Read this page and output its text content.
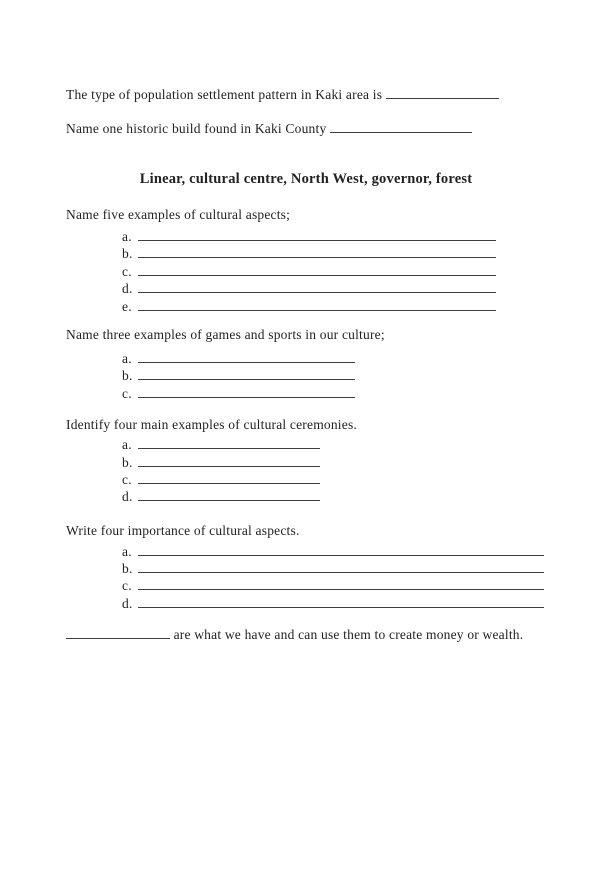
The type of population settlement pattern in Kaki area is

Name one historic build found in Kaki County

Linear, cultural centre, North West, governor, forest

Name five examples of cultural aspects;

a.
b.
c.
d.
e.

Name three examples of games and sports in our culture;

a.
b.
c.

Identify four main examples of cultural ceremonies.

a.
b.
c.
d.

Write four importance of cultural aspects.

a.
b.
c.
d.

are what we have and can use them to create money or wealth.
